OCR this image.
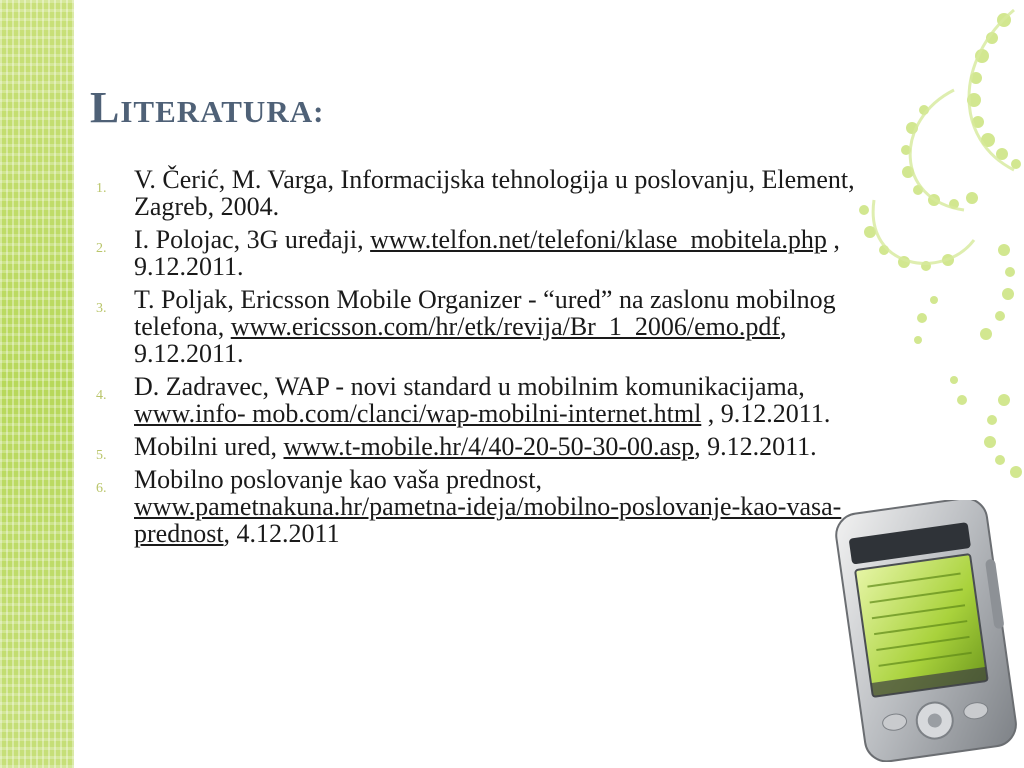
LITERATURA:
1. V. Čerić, M. Varga, Informacijska tehnologija u poslovanju, Element, Zagreb, 2004.
2. I. Polojac, 3G uređaji, www.telfon.net/telefoni/klase_mobitela.php , 9.12.2011.
3. T. Poljak, Ericsson Mobile Organizer - “ured” na zaslonu mobilnog telefona, www.ericsson.com/hr/etk/revija/Br_1_2006/emo.pdf, 9.12.2011.
4. D. Zadravec, WAP - novi standard u mobilnim komunikacijama, www.info- mob.com/clanci/wap-mobilni-internet.html , 9.12.2011.
5. Mobilni ured, www.t-mobile.hr/4/40-20-50-30-00.asp, 9.12.2011.
6. Mobilno poslovanje kao vaša prednost, www.pametnakuna.hr/pametna-ideja/mobilno-poslovanje-kao-vasa-prednost, 4.12.2011
